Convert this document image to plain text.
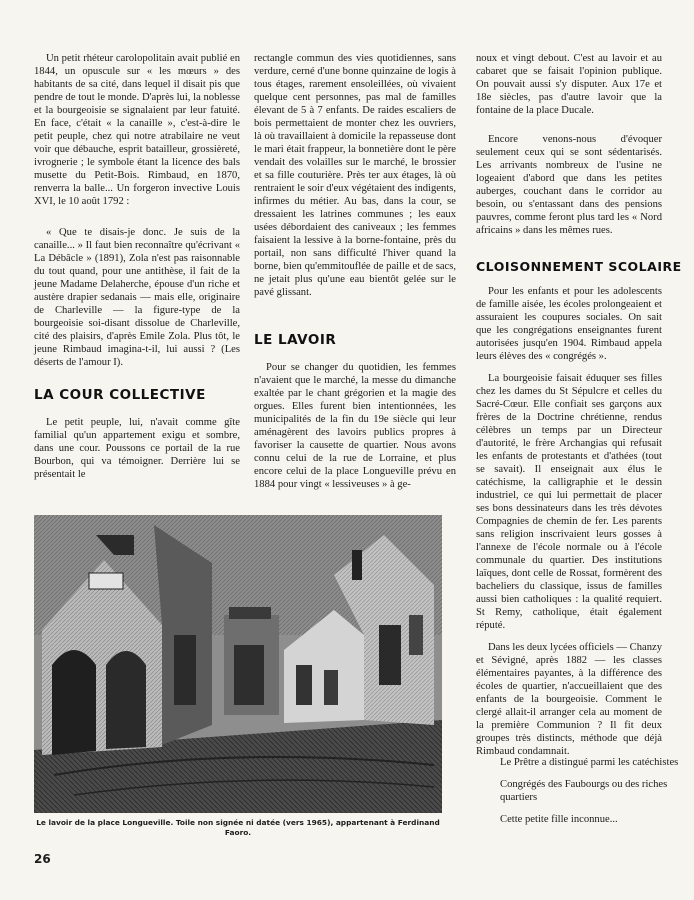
Un petit rhéteur carolopolitain avait publié en 1844, un opuscule sur « les mœurs » des habitants de sa cité, dans lequel il disait pis que pendre de tout le monde. D'après lui, la noblesse et la bourgeoisie se signalaient par leur fatuité. En face, c'était « la canaille », c'est-à-dire le petit peuple, chez qui notre atrabilaire ne veut voir que débauche, esprit batailleur, grossièreté, ivrognerie ; le symbole étant la licence des bals musette du Petit-Bois. Rimbaud, en 1870, renverra la balle... Un forgeron invective Louis XVI, le 10 août 1792 :

« Que te disais-je donc. Je suis de la canaille... » Il faut bien reconnaître qu'écrivant « La Débâcle » (1891), Zola n'est pas raisonnable du tout quand, pour une antithèse, il fait de la jeune Madame Delaherche, épouse d'un riche et austère drapier sedanais — mais elle, originaire de Charleville — la figure-type de la bourgeoisie soi-disant dissolue de Charleville, cité des plaisirs, d'après Emile Zola. Plus tôt, le jeune Rimbaud imagina-t-il, lui aussi ? (Les déserts de l'amour I).

LA COUR COLLECTIVE

Le petit peuple, lui, n'avait comme gîte familial qu'un appartement exigu et sombre, dans une cour. Poussons ce portail de la rue Bourbon, qui va témoigner. Derrière lui se présentait le

rectangle commun des vies quotidiennes, sans verdure, cerné d'une bonne quinzaine de logis à tous étages, rarement ensoleillées, où vivaient quelque cent personnes, pas mal de familles élevant de 5 à 7 enfants. De raides escaliers de bois permettaient de monter chez les ouvriers, là où travaillaient à domicile la repasseuse dont le mari était frappeur, la bonnetière dont le père vendait des volailles sur le marché, le brossier et sa fille couturière. Près ter aux étages, là où rentraient le soir d'eux végétaient des indigents, infirmes du métier. Au bas, dans la cour, se dressaient les latrines communes ; les eaux usées débordaient des caniveaux ; les femmes faisaient la lessive à la borne-fontaine, près du portail, non sans difficulté l'hiver quand la borne, bien qu'emmitouflée de paille et de sacs, ne jetait plus qu'une eau bientôt gelée sur le pavé glissant.

LE LAVOIR

Pour se changer du quotidien, les femmes n'avaient que le marché, la messe du dimanche exaltée par le chant grégorien et la magie des orgues. Elles furent bien intentionnées, les municipalités de la fin du 19e siècle qui leur aménagèrent des lavoirs publics propres à favoriser la causette de quartier. Nous avons connu celui de la rue de Lorraine, et plus encore celui de la place Longueville prévu en 1884 pour vingt « lessiveuses » à ge-

noux et vingt debout. C'est au lavoir et au cabaret que se faisait l'opinion publique. On pouvait aussi s'y disputer. Aux 17e et 18e siècles, pas d'autre lavoir que la fontaine de la place Ducale.

Encore venons-nous d'évoquer seulement ceux qui se sont sédentarisés. Les arrivants nombreux de l'usine ne logeaient d'abord que dans les petites auberges, couchant dans le corridor au besoin, ou s'entassant dans des pensions pauvres, comme feront plus tard les « Nord africains » dans les mêmes rues.

CLOISONNEMENT SCOLAIRE

Pour les enfants et pour les adolescents de famille aisée, les écoles prolongeaient et assuraient les coupures sociales. On sait que les congrégations enseignantes furent autorisées jusqu'en 1904. Rimbaud appela leurs élèves des « congrégés ».

La bourgeoisie faisait éduquer ses filles chez les dames du St Sépulcre et celles du Sacré-Cœur. Elle confiait ses garçons aux frères de la Doctrine chrétienne, rendus célèbres un temps par un Directeur d'autorité, le frère Archangias qui refusait les enfants de protestants et d'athées (tout se savait). Il enseignait aux élus le catéchisme, la calligraphie et le dessin industriel, ce qui lui permettait de placer ses bons dessinateurs dans les très dévotes Compagnies de chemin de fer. Les parents sans religion inscrivaient leurs gosses à l'annexe de l'école normale ou à l'école communale du quartier. Des institutions laïques, dont celle de Rossat, formèrent des bacheliers du classique, issus de familles aussi bien catholiques : la qualité requiert. St Remy, catholique, était également réputé.

Dans les deux lycées officiels — Chanzy et Sévigné, après 1882 — les classes élémentaires payantes, à la différence des écoles de quartier, n'accueillaient que des enfants de la bourgeoisie. Comment le clergé allait-il arranger cela au moment de la première Communion ? Il fit deux groupes très distincts, méthode que déjà Rimbaud condamnait.

Le Prêtre a distingué parmi les catéchistes

Congrégés des Faubourgs ou des riches quartiers

Cette petite fille inconnue...

Le lavoir de la place Longueville. Toile non signée ni datée (vers 1965), appartenant à Ferdinand Faoro.
26
